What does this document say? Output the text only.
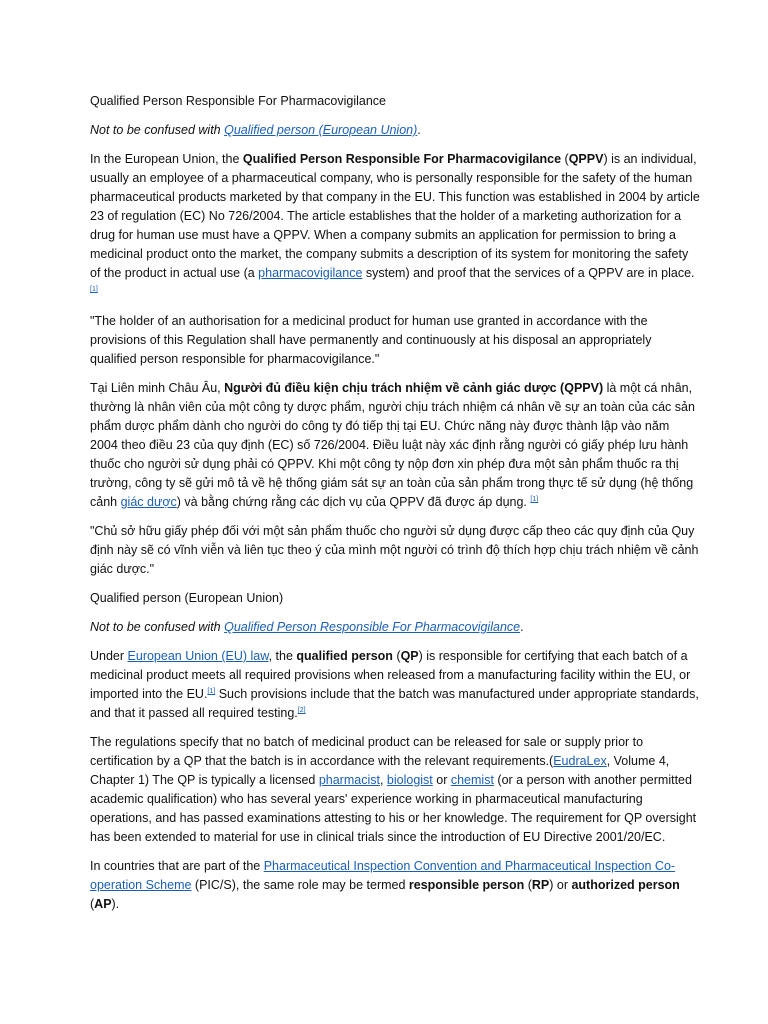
Qualified Person Responsible For Pharmacovigilance

Not to be confused with Qualified person (European Union).

In the European Union, the Qualified Person Responsible For Pharmacovigilance (QPPV) is an individual, usually an employee of a pharmaceutical company, who is personally responsible for the safety of the human pharmaceutical products marketed by that company in the EU. This function was established in 2004 by article 23 of regulation (EC) No 726/2004. The article establishes that the holder of a marketing authorization for a drug for human use must have a QPPV. When a company submits an application for permission to bring a medicinal product onto the market, the company submits a description of its system for monitoring the safety of the product in actual use (a pharmacovigilance system) and proof that the services of a QPPV are in place.[1]

"The holder of an authorisation for a medicinal product for human use granted in accordance with the provisions of this Regulation shall have permanently and continuously at his disposal an appropriately qualified person responsible for pharmacovigilance."

Tại Liên minh Châu Âu, Người đủ điều kiện chịu trách nhiệm về cảnh giác dược (QPPV) là một cá nhân, thường là nhân viên của một công ty dược phẩm, người chịu trách nhiệm cá nhân về sự an toàn của các sản phẩm dược phẩm dành cho người do công ty đó tiếp thị tại EU. Chức năng này được thành lập vào năm 2004 theo điều 23 của quy định (EC) số 726/2004. Điều luật này xác định rằng người có giấy phép lưu hành thuốc cho người sử dụng phải có QPPV. Khi một công ty nộp đơn xin phép đưa một sản phẩm thuốc ra thị trường, công ty sẽ gửi mô tả về hệ thống giám sát sự an toàn của sản phẩm trong thực tế sử dụng (hệ thống cảnh giác dược) và bằng chứng rằng các dịch vụ của QPPV đã được áp dụng. [1]

"Chủ sở hữu giấy phép đối với một sản phẩm thuốc cho người sử dụng được cấp theo các quy định của Quy định này sẽ có vĩnh viễn và liên tục theo ý của mình một người có trình độ thích hợp chịu trách nhiệm về cảnh giác dược."

Qualified person (European Union)

Not to be confused with Qualified Person Responsible For Pharmacovigilance.

Under European Union (EU) law, the qualified person (QP) is responsible for certifying that each batch of a medicinal product meets all required provisions when released from a manufacturing facility within the EU, or imported into the EU.[1] Such provisions include that the batch was manufactured under appropriate standards, and that it passed all required testing.[2]

The regulations specify that no batch of medicinal product can be released for sale or supply prior to certification by a QP that the batch is in accordance with the relevant requirements.(EudraLex, Volume 4, Chapter 1) The QP is typically a licensed pharmacist, biologist or chemist (or a person with another permitted academic qualification) who has several years' experience working in pharmaceutical manufacturing operations, and has passed examinations attesting to his or her knowledge. The requirement for QP oversight has been extended to material for use in clinical trials since the introduction of EU Directive 2001/20/EC.

In countries that are part of the Pharmaceutical Inspection Convention and Pharmaceutical Inspection Co-operation Scheme (PIC/S), the same role may be termed responsible person (RP) or authorized person (AP).
